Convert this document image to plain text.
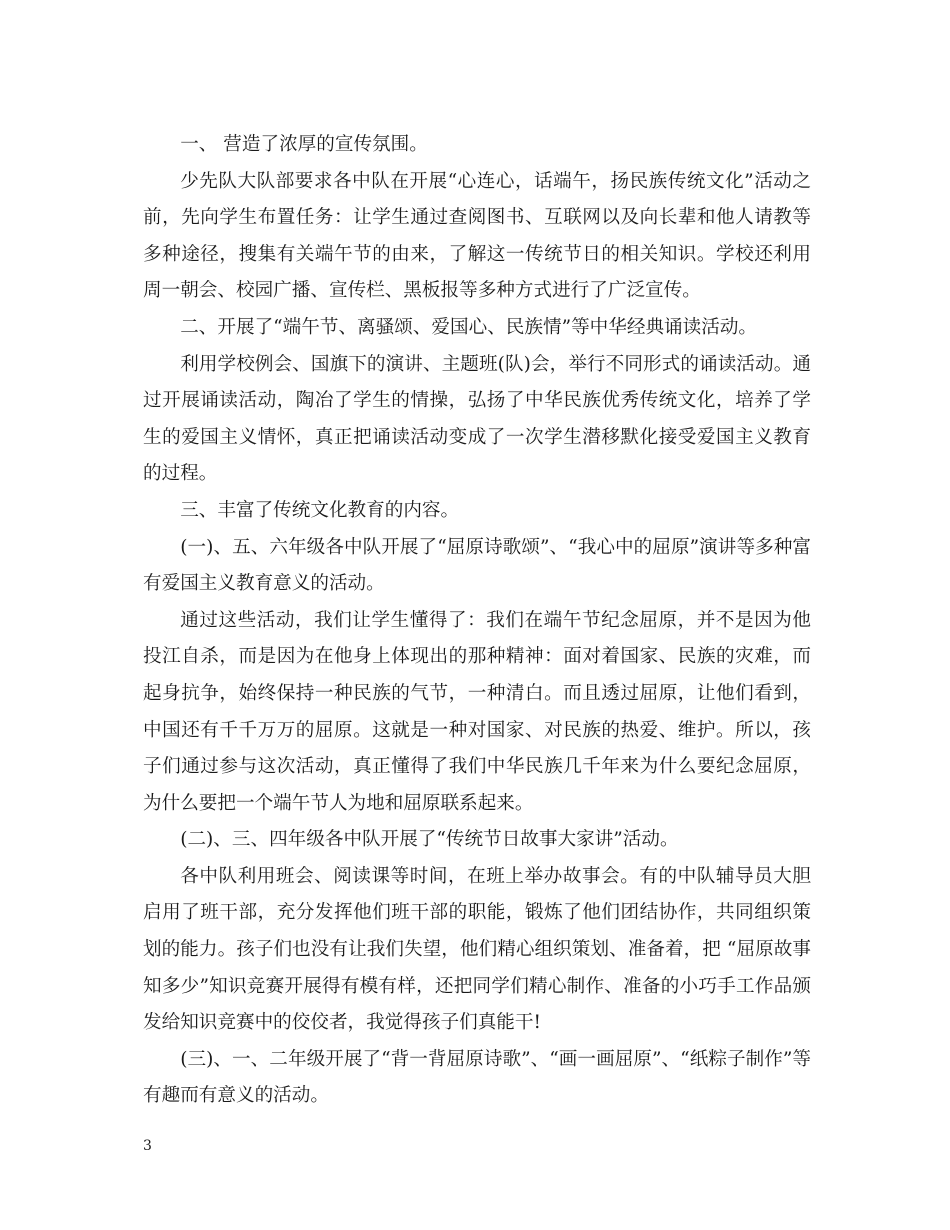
一、 营造了浓厚的宣传氛围。

少先队大队部要求各中队在开展“心连心，话端午，扬民族传统文化”活动之前，先向学生布置任务：让学生通过查阅图书、互联网以及向长辈和他人请教等多种途径，搜集有关端午节的由来，了解这一传统节日的相关知识。学校还利用周一朝会、校园广播、宣传栏、黑板报等多种方式进行了广泛宣传。

二、开展了“端午节、离骚颂、爱国心、民族情”等中华经典诵读活动。

利用学校例会、国旗下的演讲、主题班(队)会，举行不同形式的诵读活动。通过开展诵读活动，陶冶了学生的情操，弘扬了中华民族优秀传统文化，培养了学生的爱国主义情怀，真正把诵读活动变成了一次学生潜移默化接受爱国主义教育的过程。

三、丰富了传统文化教育的内容。

(一)、五、六年级各中队开展了“屈原诗歌颂”、“我心中的屈原”演讲等多种富有爱国主义教育意义的活动。

通过这些活动，我们让学生懂得了：我们在端午节纪念屈原，并不是因为他投江自杀，而是因为在他身上体现出的那种精神：面对着国家、民族的灾难，而起身抗争，始终保持一种民族的气节，一种清白。而且透过屈原，让他们看到，中国还有千千万万的屈原。这就是一种对国家、对民族的热爱、维护。所以，孩子们通过参与这次活动，真正懂得了我们中华民族几千年来为什么要纪念屈原，为什么要把一个端午节人为地和屈原联系起来。

(二)、三、四年级各中队开展了“传统节日故事大家讲”活动。

各中队利用班会、阅读课等时间，在班上举办故事会。有的中队辅导员大胆启用了班干部，充分发挥他们班干部的职能，锻炼了他们团结协作，共同组织策划的能力。孩子们也没有让我们失望，他们精心组织策划、准备着，把 “屈原故事知多少”知识竞赛开展得有模有样，还把同学们精心制作、准备的小巧手工作品颁发给知识竞赛中的佼佼者，我觉得孩子们真能干!

(三)、一、二年级开展了“背一背屈原诗歌”、“画一画屈原”、“纸粽子制作”等有趣而有意义的活动。

3
